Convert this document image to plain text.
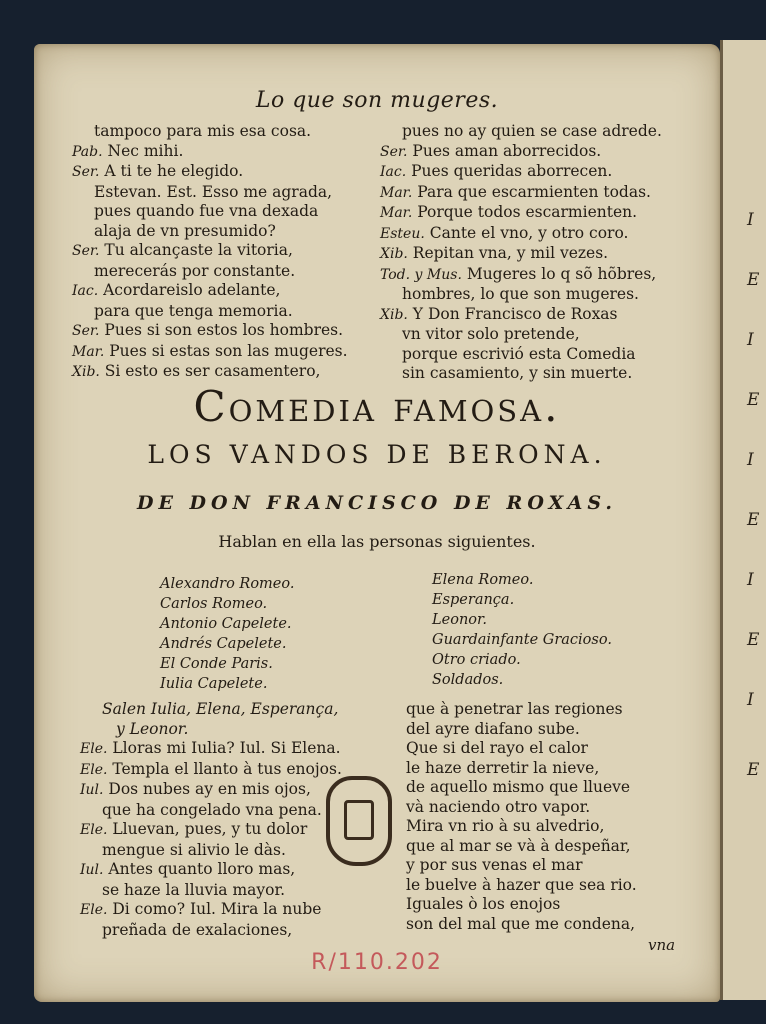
I
E
I
E
I
E
I
E
I
E
Lo que son mugeres.
tampoco para mis esa cosa.
Pab. Nec mihi.
Ser. A ti te he elegido.
Estevan. Est. Esso me agrada,
pues quando fue vna dexada
alaja de vn presumido?
Ser. Tu alcançaste la vitoria,
merecerás por constante.
Iac. Acordareislo adelante,
para que tenga memoria.
Ser. Pues si son estos los hombres.
Mar. Pues si estas son las mugeres.
Xib. Si esto es ser casamentero,
pues no ay quien se case adrede.
Ser. Pues aman aborrecidos.
Iac. Pues queridas aborrecen.
Mar. Para que escarmienten todas.
Mar. Porque todos escarmienten.
Esteu. Cante el vno, y otro coro.
Xib. Repitan vna, y mil vezes.
Tod. y Mus. Mugeres lo q sõ hõbres,
hombres, lo que son mugeres.
Xib. Y Don Francisco de Roxas
vn vitor solo pretende,
porque escrivió esta Comedia
sin casamiento, y sin muerte.
Comedia famosa.
LOS VANDOS DE BERONA.
DE DON FRANCISCO DE ROXAS.
Hablan en ella las personas siguientes.
Alexandro Romeo.
Carlos Romeo.
Antonio Capelete.
Andrés Capelete.
El Conde Paris.
Iulia Capelete.
Elena Romeo.
Esperança.
Leonor.
Guardainfante Gracioso.
Otro criado.
Soldados.
Salen Iulia, Elena, Esperança,
y Leonor.
Ele. Lloras mi Iulia? Iul. Si Elena.
Ele. Templa el llanto à tus enojos.
Iul. Dos nubes ay en mis ojos,
que ha congelado vna pena.
Ele. Lluevan, pues, y tu dolor
mengue si alivio le dàs.
Iul. Antes quanto lloro mas,
se haze la lluvia mayor.
Ele. Di como? Iul. Mira la nube
preñada de exalaciones,
que à penetrar las regiones
del ayre diafano sube.
Que si del rayo el calor
le haze derretir la nieve,
de aquello mismo que llueve
và naciendo otro vapor.
Mira vn rio à su alvedrio,
que al mar se và à despeñar,
y por sus venas el mar
le buelve à hazer que sea rio.
Iguales ò los enojos
son del mal que me condena,
vna
R/110.202
